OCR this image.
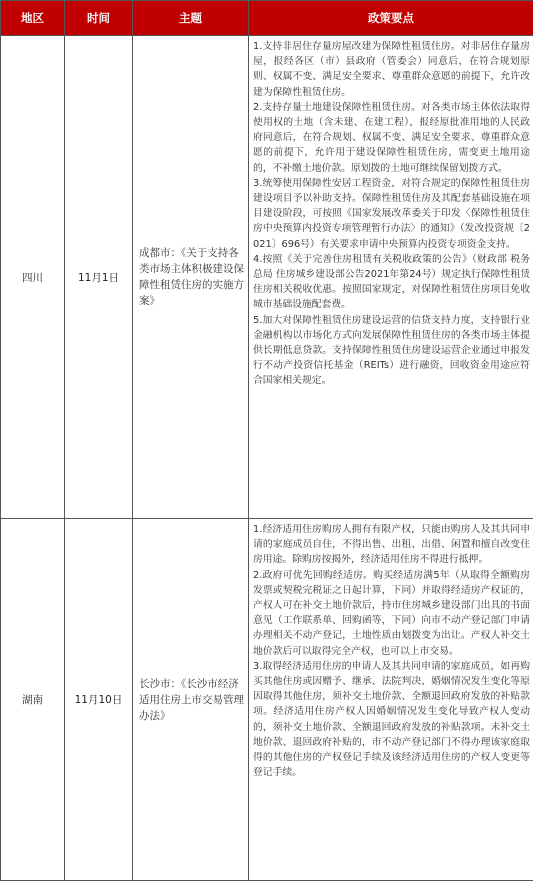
地区	时间	主题	政策要点
四川	11月1日	成都市：《关于支持各类市场主体积极建设保障性租赁住房的实施方案》	1.支持非居住存量房屋改建为保障性租赁住房。对非居住存量房屋，报经各区（市）县政府（管委会）同意后，在符合规划原则、权属不变、满足安全要求、尊重群众意愿的前提下，允许改建为保障性租赁住房。
2.支持存量土地建设保障性租赁住房。对各类市场主体依法取得使用权的土地（含未建、在建工程），报经原批准用地的人民政府同意后，在符合规划、权属不变、满足安全要求、尊重群众意愿的前提下，允许用于建设保障性租赁住房，需变更土地用途的，不补缴土地价款。原划拨的土地可继续保留划拨方式。
3.统筹使用保障性安居工程资金，对符合规定的保障性租赁住房建设项目予以补助支持。保障性租赁住房及其配套基础设施在项目建设阶段，可按照《国家发展改革委关于印发〈保障性租赁住房中央预算内投资专项管理暂行办法〉的通知》（发改投资规〔2021〕696号）有关要求申请中央预算内投资专项资金支持。
4.按照《关于完善住房租赁有关税收政策的公告》（财政部 税务总局 住房城乡建设部公告2021年第24号）规定执行保障性租赁住房相关税收优惠。按照国家规定，对保障性租赁住房项目免收城市基础设施配套费。
5.加大对保障性租赁住房建设运营的信贷支持力度，支持银行业金融机构以市场化方式向发展保障性租赁住房的各类市场主体提供长期低息贷款。支持保障性租赁住房建设运营企业通过申报发行不动产投资信托基金（REITs）进行融资，回收资金用途应符合国家相关规定。

湖南	11月10日	长沙市：《长沙市经济适用住房上市交易管理办法》	1.经济适用住房购房人拥有有限产权，只能由购房人及其共同申请的家庭成员自住，不得出售、出租、出借、闲置和擅自改变住房用途。除购房按揭外，经济适用住房不得进行抵押。
2.政府可优先回购经适房。购买经适房满5年（从取得全额购房发票或契税完税证之日起计算，下同）并取得经适房产权证的，产权人可在补交土地价款后，持市住房城乡建设部门出具的书面意见（工作联系单、回购函等，下同）向市不动产登记部门申请办理相关不动产登记，土地性质由划拨变为出让。产权人补交土地价款后可以取得完全产权，也可以上市交易。
3.取得经济适用住房的申请人及其共同申请的家庭成员，如再购买其他住房或因赠予、继承、法院判决、婚姻情况发生变化等原因取得其他住房，须补交土地价款、全额退回政府发放的补贴款项。经济适用住房产权人因婚姻情况发生变化导致产权人变动的，须补交土地价款、全额退回政府发放的补贴款项。未补交土地价款、退回政府补贴的，市不动产登记部门不得办理该家庭取得的其他住房的产权登记手续及该经济适用住房的产权人变更等登记手续。
